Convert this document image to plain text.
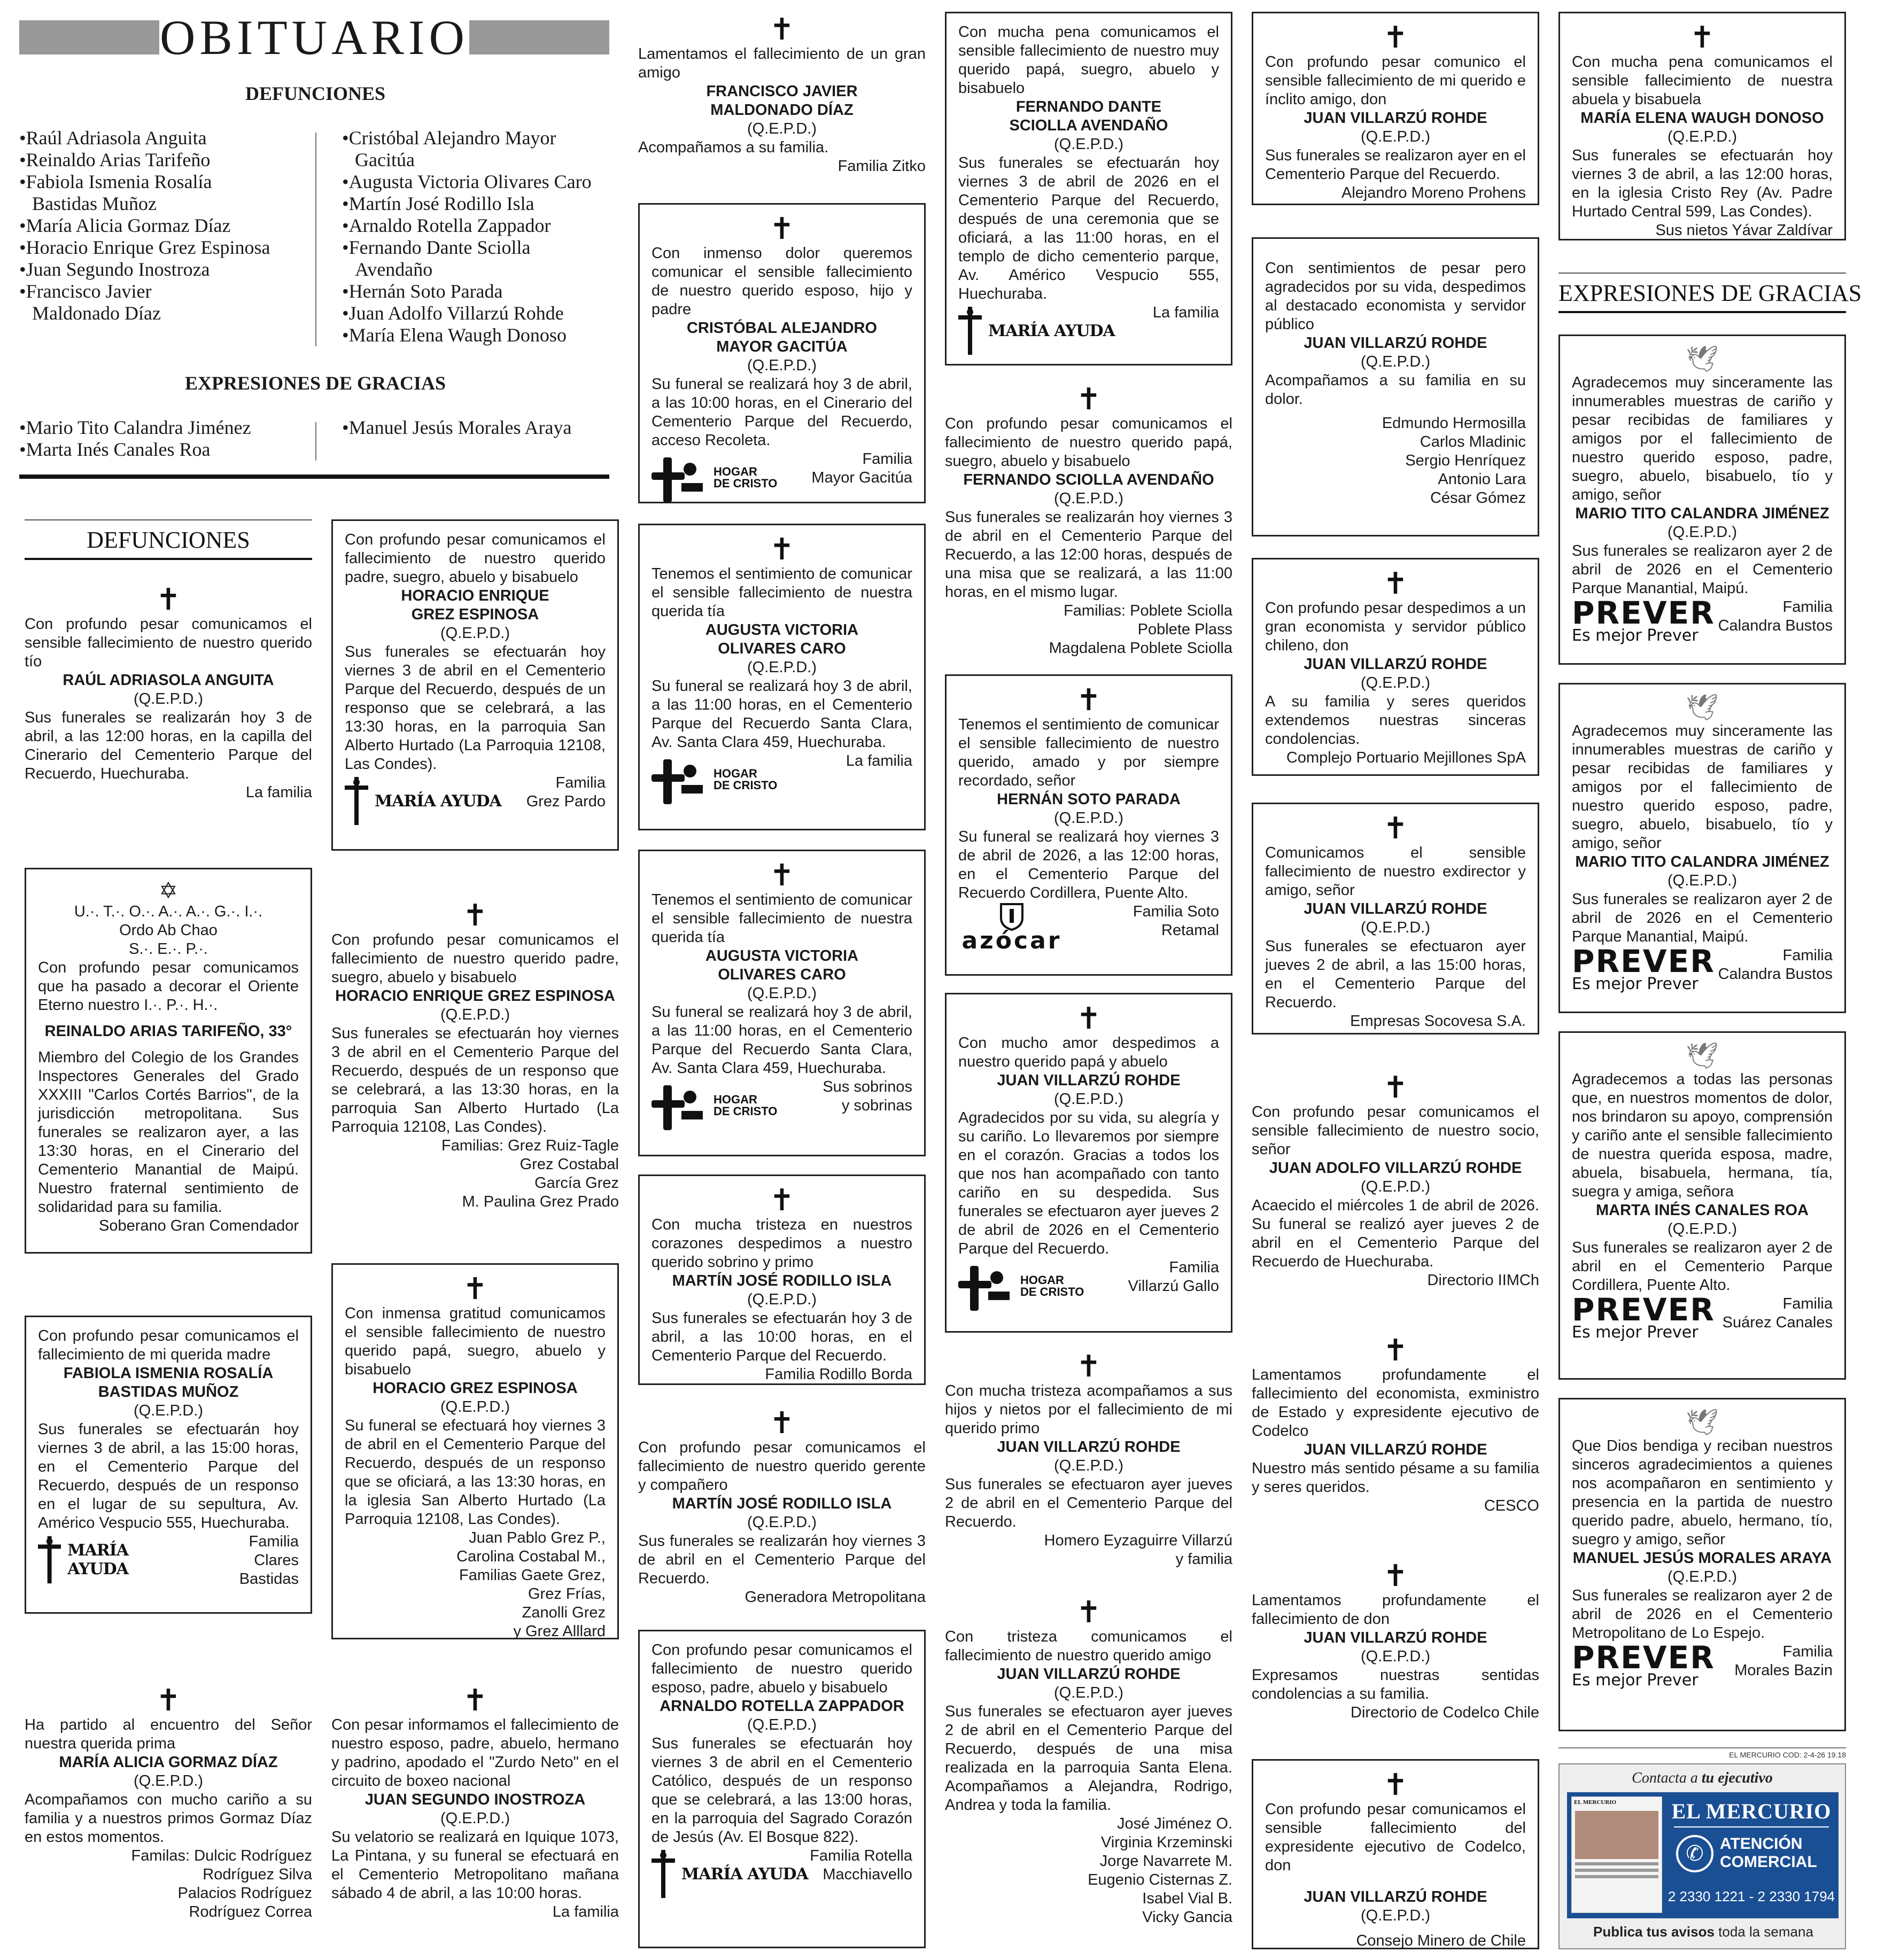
OBITUARIO
DEFUNCIONES
•Raúl Adriasola Anguita
•Reinaldo Arias Tarifeño
•Fabiola Ismenia Rosalía
Bastidas Muñoz
•María Alicia Gormaz Díaz
•Horacio Enrique Grez Espinosa
•Juan Segundo Inostroza
•Francisco Javier
Maldonado Díaz
•Cristóbal Alejandro Mayor
Gacitúa
•Augusta Victoria Olivares Caro
•Martín José Rodillo Isla
•Arnaldo Rotella Zappador
•Fernando Dante Sciolla
Avendaño
•Hernán Soto Parada
•Juan Adolfo Villarzú Rohde
•María Elena Waugh Donoso
EXPRESIONES DE GRACIAS
•Mario Tito Calandra Jiménez
•Marta Inés Canales Roa
•Manuel Jesús Morales Araya
DEFUNCIONES
✝
Con profundo pesar comunicamos el sensible fallecimiento de nuestro querido tío
RAÚL ADRIASOLA ANGUITA
(Q.E.P.D.)
Sus funerales se realizarán hoy 3 de abril, a las 12:00 horas, en la capilla del Cinerario del Cementerio Parque del Recuerdo, Huechuraba.
La familia
✡
U.·. T.·. O.·. A.·. A.·. G.·. I.·.
Ordo Ab Chao
S.·. E.·. P.·.
Con profundo pesar comunicamos que ha pasado a decorar el Oriente Eterno nuestro I.·. P.·. H.·.
REINALDO ARIAS TARIFEÑO, 33°
Miembro del Colegio de los Grandes Inspectores Generales del Grado XXXIII "Carlos Cortés Barrios", de la jurisdicción metropolitana. Sus funerales se realizaron ayer, a las 13:30 horas, en el Cinerario del Cementerio Manantial de Maipú. Nuestro fraternal sentimiento de solidaridad para su familia.
Soberano Gran Comendador
Con profundo pesar comunicamos el fallecimiento de mi querida madre
FABIOLA ISMENIA ROSALÍA
BASTIDAS MUÑOZ
(Q.E.P.D.)
Sus funerales se efectuarán hoy viernes 3 de abril, a las 15:00 horas, en el Cementerio Parque del Recuerdo, después de un responso en el lugar de su sepultura, Av. Américo Vespucio 555, Huechuraba.
MARÍA AYUDA
Familia
Clares Bastidas
✝
Ha partido al encuentro del Señor nuestra querida prima
MARÍA ALICIA GORMAZ DÍAZ
(Q.E.P.D.)
Acompañamos con mucho cariño a su familia y a nuestros primos Gormaz Díaz en estos momentos.
Familas: Dulcic Rodríguez
Rodríguez Silva
Palacios Rodríguez
Rodríguez Correa
Con profundo pesar comunicamos el fallecimiento de nuestro querido padre, suegro, abuelo y bisabuelo
HORACIO ENRIQUE
GREZ ESPINOSA
(Q.E.P.D.)
Sus funerales se efectuarán hoy viernes 3 de abril en el Cementerio Parque del Recuerdo, después de un responso que se celebrará, a las 13:30 horas, en la parroquia San Alberto Hurtado (La Parroquia 12108, Las Condes).
MARÍA AYUDA
Familia
Grez Pardo
✝
Con profundo pesar comunicamos el fallecimiento de nuestro querido padre, suegro, abuelo y bisabuelo
HORACIO ENRIQUE GREZ ESPINOSA
(Q.E.P.D.)
Sus funerales se efectuarán hoy viernes 3 de abril en el Cementerio Parque del Recuerdo, después de un responso que se celebrará, a las 13:30 horas, en la parroquia San Alberto Hurtado (La Parroquia 12108, Las Condes).
Familias: Grez Ruiz-Tagle
Grez Costabal
García Grez
M. Paulina Grez Prado
✝
Con inmensa gratitud comunicamos el sensible fallecimiento de nuestro querido papá, suegro, abuelo y bisabuelo
HORACIO GREZ ESPINOSA
(Q.E.P.D.)
Su funeral se efectuará hoy viernes 3 de abril en el Cementerio Parque del Recuerdo, después de un responso que se oficiará, a las 13:30 horas, en la iglesia San Alberto Hurtado (La Parroquia 12108, Las Condes).
Juan Pablo Grez P.,
Carolina Costabal M.,
Familias Gaete Grez,
Grez Frías,
Zanolli Grez
y Grez Alllard
✝
Con pesar informamos el fallecimiento de nuestro esposo, padre, abuelo, hermano y padrino, apodado el "Zurdo Neto" en el circuito de boxeo nacional
JUAN SEGUNDO INOSTROZA
(Q.E.P.D.)
Su velatorio se realizará en Iquique 1073, La Pintana, y su funeral se efectuará en el Cementerio Metropolitano mañana sábado 4 de abril, a las 10:00 horas.
La familia
✝
Lamentamos el fallecimiento de un gran amigo
FRANCISCO JAVIER
MALDONADO DÍAZ
(Q.E.P.D.)
Acompañamos a su familia.
Familia Zitko
✝
Con inmenso dolor queremos comunicar el sensible fallecimiento de nuestro querido esposo, hijo y padre
CRISTÓBAL ALEJANDRO
MAYOR GACITÚA
(Q.E.P.D.)
Su funeral se realizará hoy 3 de abril, a las 10:00 horas, en el Cinerario del Cementerio Parque del Recuerdo, acceso Recoleta.
HOGAR
DE CRISTO
Familia
Mayor Gacitúa
✝
Tenemos el sentimiento de comunicar el sensible fallecimiento de nuestra querida tía
AUGUSTA VICTORIA
OLIVARES CARO
(Q.E.P.D.)
Su funeral se realizará hoy 3 de abril, a las 11:00 horas, en el Cementerio Parque del Recuerdo Santa Clara, Av. Santa Clara 459, Huechuraba.
HOGAR
DE CRISTO
La familia
✝
Tenemos el sentimiento de comunicar el sensible fallecimiento de nuestra querida tía
AUGUSTA VICTORIA
OLIVARES CARO
(Q.E.P.D.)
Su funeral se realizará hoy 3 de abril, a las 11:00 horas, en el Cementerio Parque del Recuerdo Santa Clara, Av. Santa Clara 459, Huechuraba.
HOGAR
DE CRISTO
Sus sobrinos
y sobrinas
✝
Con mucha tristeza en nuestros corazones despedimos a nuestro querido sobrino y primo
MARTÍN JOSÉ RODILLO ISLA
(Q.E.P.D.)
Sus funerales se efectuarán hoy 3 de abril, a las 10:00 horas, en el Cementerio Parque del Recuerdo.
Familia Rodillo Borda
✝
Con profundo pesar comunicamos el fallecimiento de nuestro querido gerente y compañero
MARTÍN JOSÉ RODILLO ISLA
(Q.E.P.D.)
Sus funerales se realizarán hoy viernes 3 de abril en el Cementerio Parque del Recuerdo.
Generadora Metropolitana
Con profundo pesar comunicamos el fallecimiento de nuestro querido esposo, padre, abuelo y bisabuelo
ARNALDO ROTELLA ZAPPADOR
(Q.E.P.D.)
Sus funerales se efectuarán hoy viernes 3 de abril en el Cementerio Católico, después de un responso que se celebrará, a las 13:00 horas, en la parroquia del Sagrado Corazón de Jesús (Av. El Bosque 822).
MARÍA AYUDA
Familia Rotella
Macchiavello
Con mucha pena comunicamos el sensible fallecimiento de nuestro muy querido papá, suegro, abuelo y bisabuelo
FERNANDO DANTE
SCIOLLA AVENDAÑO
(Q.E.P.D.)
Sus funerales se efectuarán hoy viernes 3 de abril de 2026 en el Cementerio Parque del Recuerdo, después de una ceremonia que se oficiará, a las 11:00 horas, en el templo de dicho cementerio parque, Av. Américo Vespucio 555, Huechuraba.
MARÍA AYUDA
La familia
✝
Con profundo pesar comunicamos el fallecimiento de nuestro querido papá, suegro, abuelo y bisabuelo
FERNANDO SCIOLLA AVENDAÑO
(Q.E.P.D.)
Sus funerales se realizarán hoy viernes 3 de abril en el Cementerio Parque del Recuerdo, a las 12:00 horas, después de una misa que se realizará, a las 11:00 horas, en el mismo lugar.
Familias: Poblete Sciolla
Poblete Plass
Magdalena Poblete Sciolla
✝
Tenemos el sentimiento de comunicar el sensible fallecimiento de nuestro querido, amado y por siempre recordado, señor
HERNÁN SOTO PARADA
(Q.E.P.D.)
Su funeral se realizará hoy viernes 3 de abril de 2026, a las 12:00 horas, en el Cementerio Parque del Recuerdo Cordillera, Puente Alto.
azócar
Familia Soto
Retamal
✝
Con mucho amor despedimos a nuestro querido papá y abuelo
JUAN VILLARZÚ ROHDE
(Q.E.P.D.)
Agradecidos por su vida, su alegría y su cariño. Lo llevaremos por siempre en el corazón. Gracias a todos los que nos han acompañado con tanto cariño en su despedida. Sus funerales se efectuaron ayer jueves 2 de abril de 2026 en el Cementerio Parque del Recuerdo.
HOGAR
DE CRISTO
Familia
Villarzú Gallo
✝
Con mucha tristeza acompañamos a sus hijos y nietos por el fallecimiento de mi querido primo
JUAN VILLARZÚ ROHDE
(Q.E.P.D.)
Sus funerales se efectuaron ayer jueves 2 de abril en el Cementerio Parque del Recuerdo.
Homero Eyzaguirre Villarzú
y familia
✝
Con tristeza comunicamos el fallecimiento de nuestro querido amigo
JUAN VILLARZÚ ROHDE
(Q.E.P.D.)
Sus funerales se efectuaron ayer jueves 2 de abril en el Cementerio Parque del Recuerdo, después de una misa realizada en la parroquia Santa Elena. Acompañamos a Alejandra, Rodrigo, Andrea y toda la familia.
José Jiménez O.
Virginia Krzeminski
Jorge Navarrete M.
Eugenio Cisternas Z.
Isabel Vial B.
Vicky Gancia
✝
Con profundo pesar comunico el sensible fallecimiento de mi querido e ínclito amigo, don
JUAN VILLARZÚ ROHDE
(Q.E.P.D.)
Sus funerales se realizaron ayer en el Cementerio Parque del Recuerdo.
Alejandro Moreno Prohens
Con sentimientos de pesar pero agradecidos por su vida, despedimos al destacado economista y servidor público
JUAN VILLARZÚ ROHDE
(Q.E.P.D.)
Acompañamos a su familia en su dolor.
Edmundo Hermosilla
Carlos Mladinic
Sergio Henríquez
Antonio Lara
César Gómez
✝
Con profundo pesar despedimos a un gran economista y servidor público chileno, don
JUAN VILLARZÚ ROHDE
(Q.E.P.D.)
A su familia y seres queridos extendemos nuestras sinceras condolencias.
Complejo Portuario Mejillones SpA
✝
Comunicamos el sensible fallecimiento de nuestro exdirector y amigo, señor
JUAN VILLARZÚ ROHDE
(Q.E.P.D.)
Sus funerales se efectuaron ayer jueves 2 de abril, a las 15:00 horas, en el Cementerio Parque del Recuerdo.
Empresas Socovesa S.A.
✝
Con profundo pesar comunicamos el sensible fallecimiento de nuestro socio, señor
JUAN ADOLFO VILLARZÚ ROHDE
(Q.E.P.D.)
Acaecido el miércoles 1 de abril de 2026. Su funeral se realizó ayer jueves 2 de abril en el Cementerio Parque del Recuerdo de Huechuraba.
Directorio IIMCh
✝
Lamentamos profundamente el fallecimiento del economista, exministro de Estado y expresidente ejecutivo de Codelco
JUAN VILLARZÚ ROHDE
Nuestro más sentido pésame a su familia y seres queridos.
CESCO
✝
Lamentamos profundamente el fallecimiento de don
JUAN VILLARZÚ ROHDE
(Q.E.P.D.)
Expresamos nuestras sentidas condolencias a su familia.
Directorio de Codelco Chile
✝
Con profundo pesar comunicamos el sensible fallecimiento del expresidente ejecutivo de Codelco, don
JUAN VILLARZÚ ROHDE
(Q.E.P.D.)
Consejo Minero de Chile
✝
Con mucha pena comunicamos el sensible fallecimiento de nuestra abuela y bisabuela
MARÍA ELENA WAUGH DONOSO
(Q.E.P.D.)
Sus funerales se efectuarán hoy viernes 3 de abril, a las 12:00 horas, en la iglesia Cristo Rey (Av. Padre Hurtado Central 599, Las Condes).
Sus nietos Yávar Zaldívar
EXPRESIONES DE GRACIAS
🕊
Agradecemos muy sinceramente las innumerables muestras de cariño y pesar recibidas de familiares y amigos por el fallecimiento de nuestro querido esposo, padre, suegro, abuelo, bisabuelo, tío y amigo, señor
MARIO TITO CALANDRA JIMÉNEZ
(Q.E.P.D.)
Sus funerales se realizaron ayer 2 de abril de 2026 en el Cementerio Parque Manantial, Maipú.
PREVER
Es mejor Prever
Familia
Calandra Bustos
🕊
Agradecemos muy sinceramente las innumerables muestras de cariño y pesar recibidas de familiares y amigos por el fallecimiento de nuestro querido esposo, padre, suegro, abuelo, bisabuelo, tío y amigo, señor
MARIO TITO CALANDRA JIMÉNEZ
(Q.E.P.D.)
Sus funerales se realizaron ayer 2 de abril de 2026 en el Cementerio Parque Manantial, Maipú.
PREVER
Es mejor Prever
Familia
Calandra Bustos
🕊
Agradecemos a todas las personas que, en nuestros momentos de dolor, nos brindaron su apoyo, comprensión y cariño ante el sensible fallecimiento de nuestra querida esposa, madre, abuela, bisabuela, hermana, tía, suegra y amiga, señora
MARTA INÉS CANALES ROA
(Q.E.P.D.)
Sus funerales se realizaron ayer 2 de abril en el Cementerio Parque Cordillera, Puente Alto.
PREVER
Es mejor Prever
Familia
Suárez Canales
🕊
Que Dios bendiga y reciban nuestros sinceros agradecimientos a quienes nos acompañaron en sentimiento y presencia en la partida de nuestro querido padre, abuelo, hermano, tío, suegro y amigo, señor
MANUEL JESÚS MORALES ARAYA
(Q.E.P.D.)
Sus funerales se realizaron ayer 2 de abril de 2026 en el Cementerio Metropolitano de Lo Espejo.
PREVER
Es mejor Prever
Familia
Morales Bazin
EL MERCURIO COD: 2-4-26 19.18
Contacta a tu ejecutivo
EL MERCURIO	EL MERCURIO
✆	ATENCIÓN
COMERCIAL
2 2330 1221 - 2 2330 1794
Publica tus avisos toda la semana
